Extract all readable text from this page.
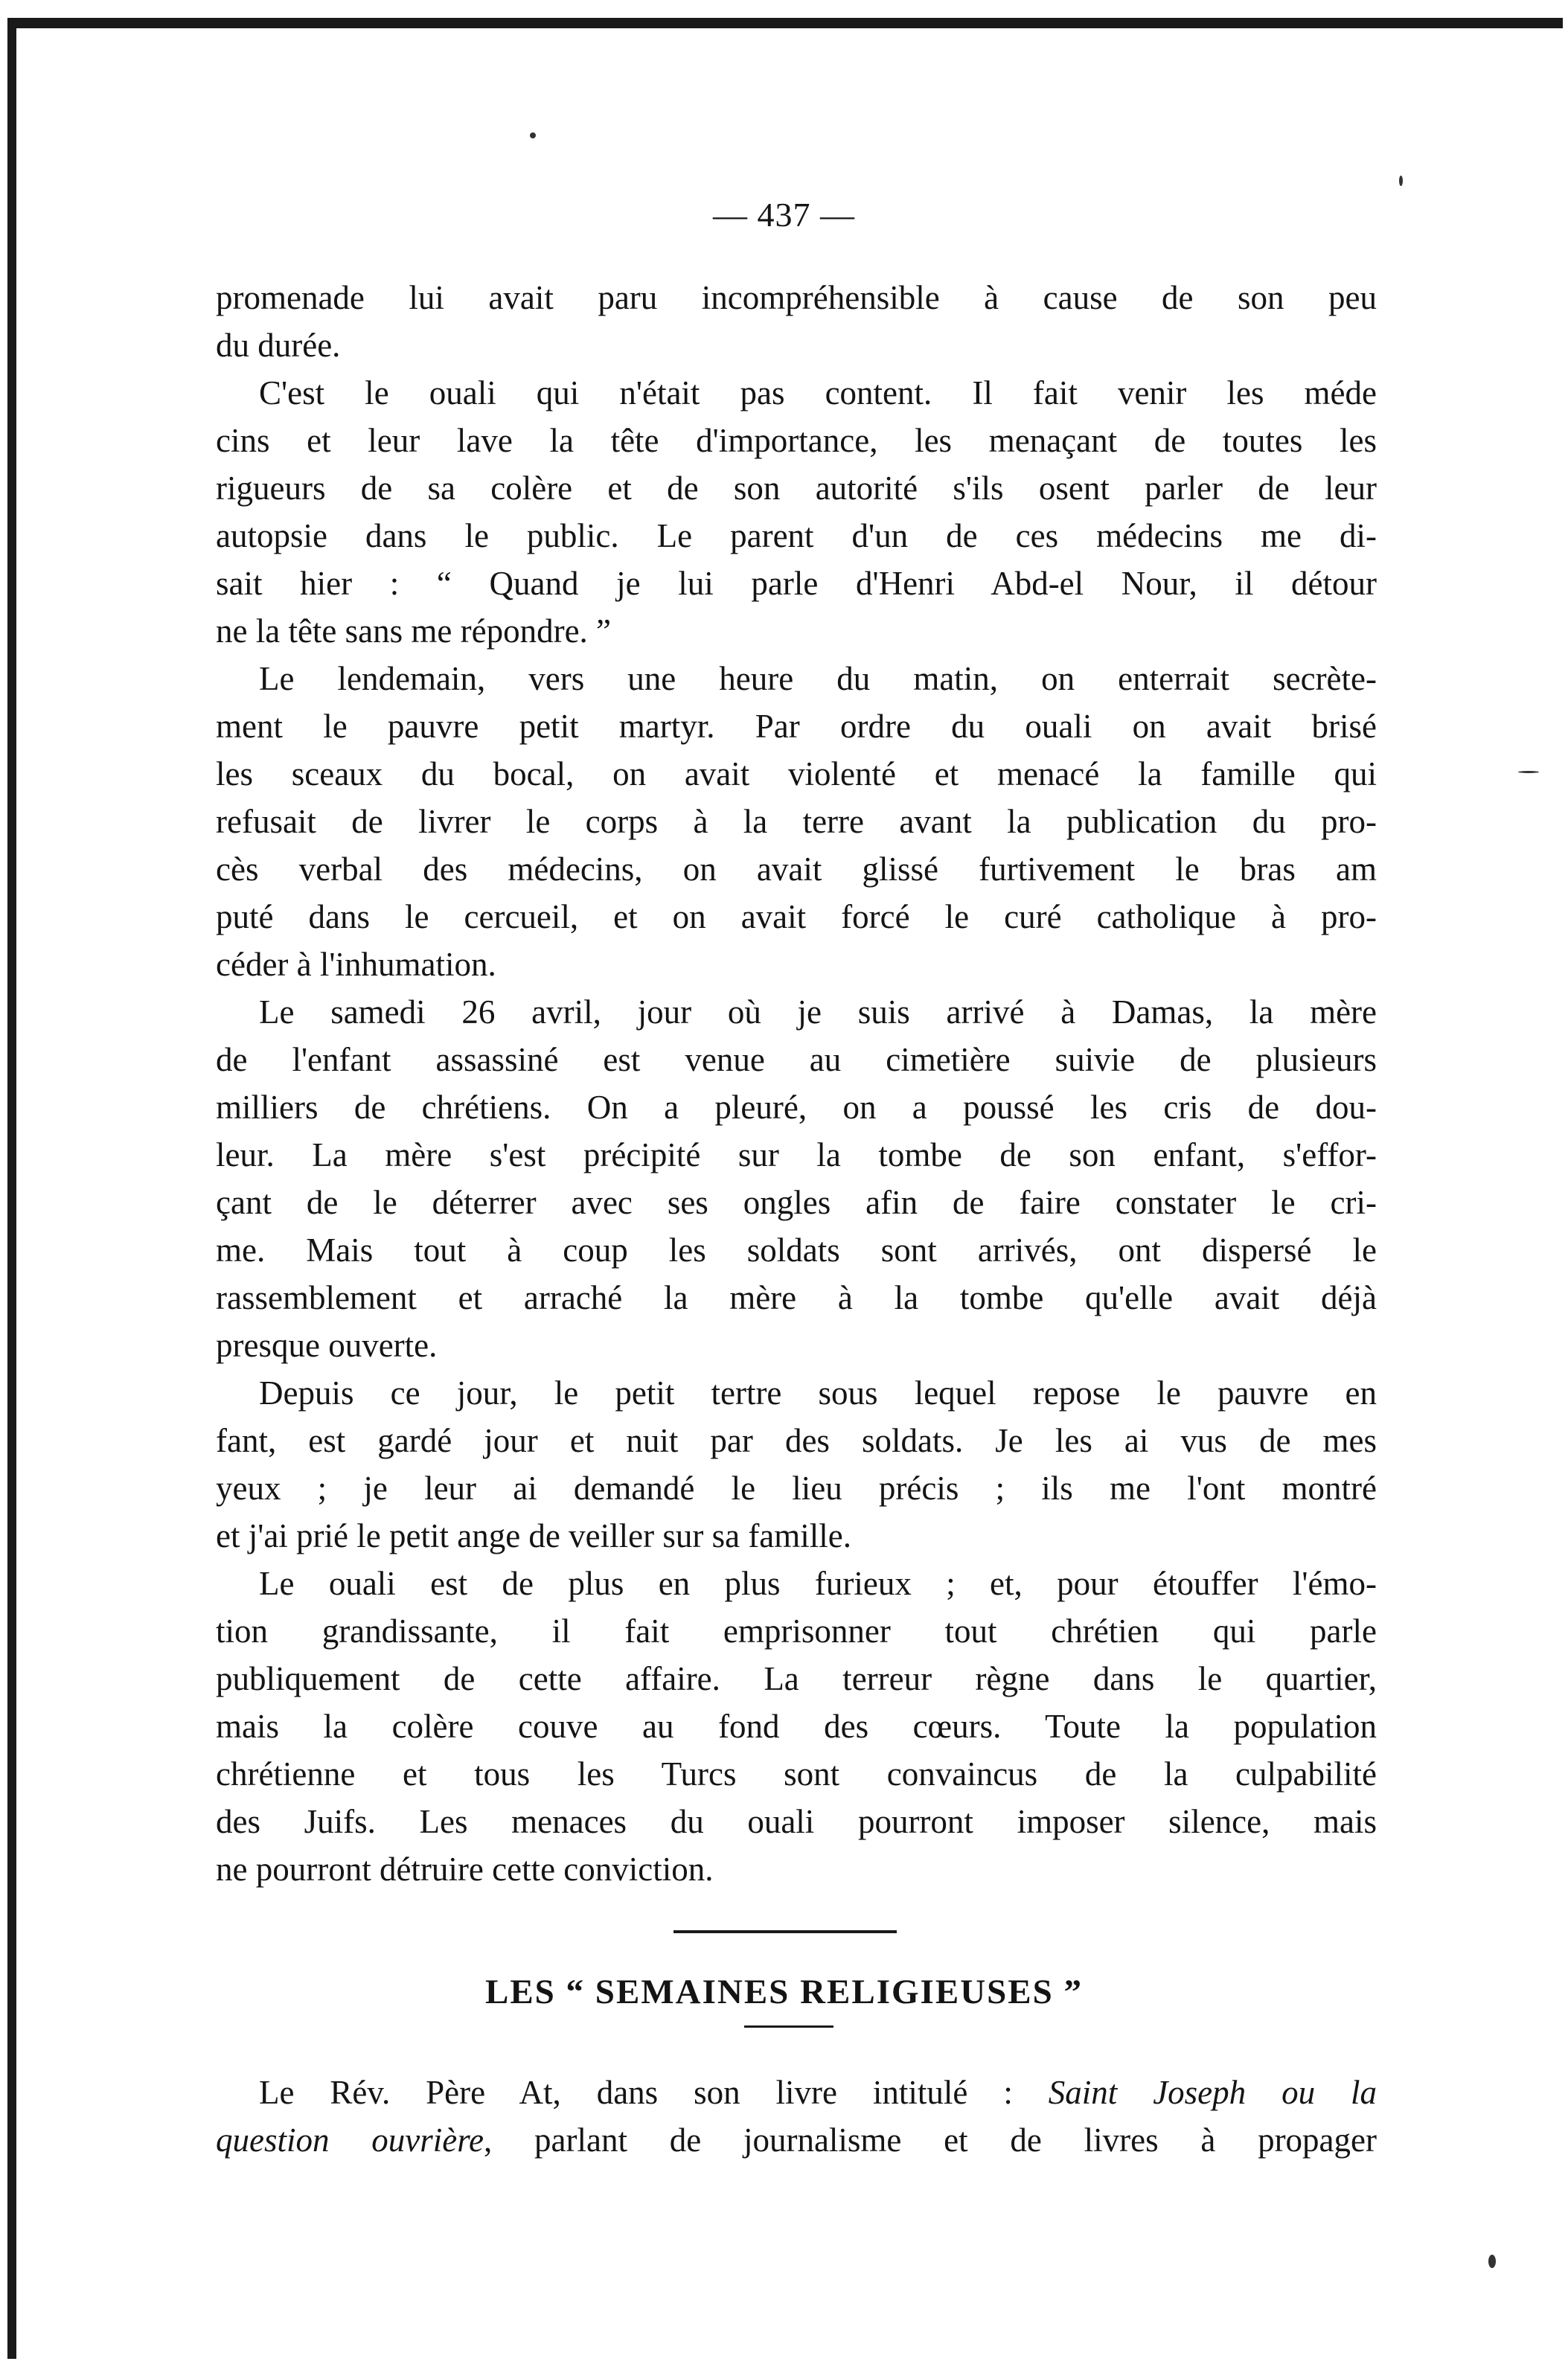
— 437 —
promenade lui avait paru incompréhensible à cause de son peu
du durée.
C'est le ouali qui n'était pas content. Il fait venir les méde
cins et leur lave la tête d'importance, les menaçant de toutes les
rigueurs de sa colère et de son autorité s'ils osent parler de leur
autopsie dans le public. Le parent d'un de ces médecins me di-
sait hier : “ Quand je lui parle d'Henri Abd-el Nour, il détour
ne la tête sans me répondre. ”
Le lendemain, vers une heure du matin, on enterrait secrète-
ment le pauvre petit martyr. Par ordre du ouali on avait brisé
les sceaux du bocal, on avait violenté et menacé la famille qui
refusait de livrer le corps à la terre avant la publication du pro-
cès verbal des médecins, on avait glissé furtivement le bras am
puté dans le cercueil, et on avait forcé le curé catholique à pro-
céder à l'inhumation.
Le samedi 26 avril, jour où je suis arrivé à Damas, la mère
de l'enfant assassiné est venue au cimetière suivie de plusieurs
milliers de chrétiens. On a pleuré, on a poussé les cris de dou-
leur. La mère s'est précipité sur la tombe de son enfant, s'effor-
çant de le déterrer avec ses ongles afin de faire constater le cri-
me. Mais tout à coup les soldats sont arrivés, ont dispersé le
rassemblement et arraché la mère à la tombe qu'elle avait déjà
presque ouverte.
Depuis ce jour, le petit tertre sous lequel repose le pauvre en
fant, est gardé jour et nuit par des soldats. Je les ai vus de mes
yeux ; je leur ai demandé le lieu précis ; ils me l'ont montré
et j'ai prié le petit ange de veiller sur sa famille.
Le ouali est de plus en plus furieux ; et, pour étouffer l'émo-
tion grandissante, il fait emprisonner tout chrétien qui parle
publiquement de cette affaire. La terreur règne dans le quartier,
mais la colère couve au fond des cœurs. Toute la population
chrétienne et tous les Turcs sont convaincus de la culpabilité
des Juifs. Les menaces du ouali pourront imposer silence, mais
ne pourront détruire cette conviction.
LES “ SEMAINES RELIGIEUSES ”
Le Rév. Père At, dans son livre intitulé : Saint Joseph ou la
question ouvrière, parlant de journalisme et de livres à propager
